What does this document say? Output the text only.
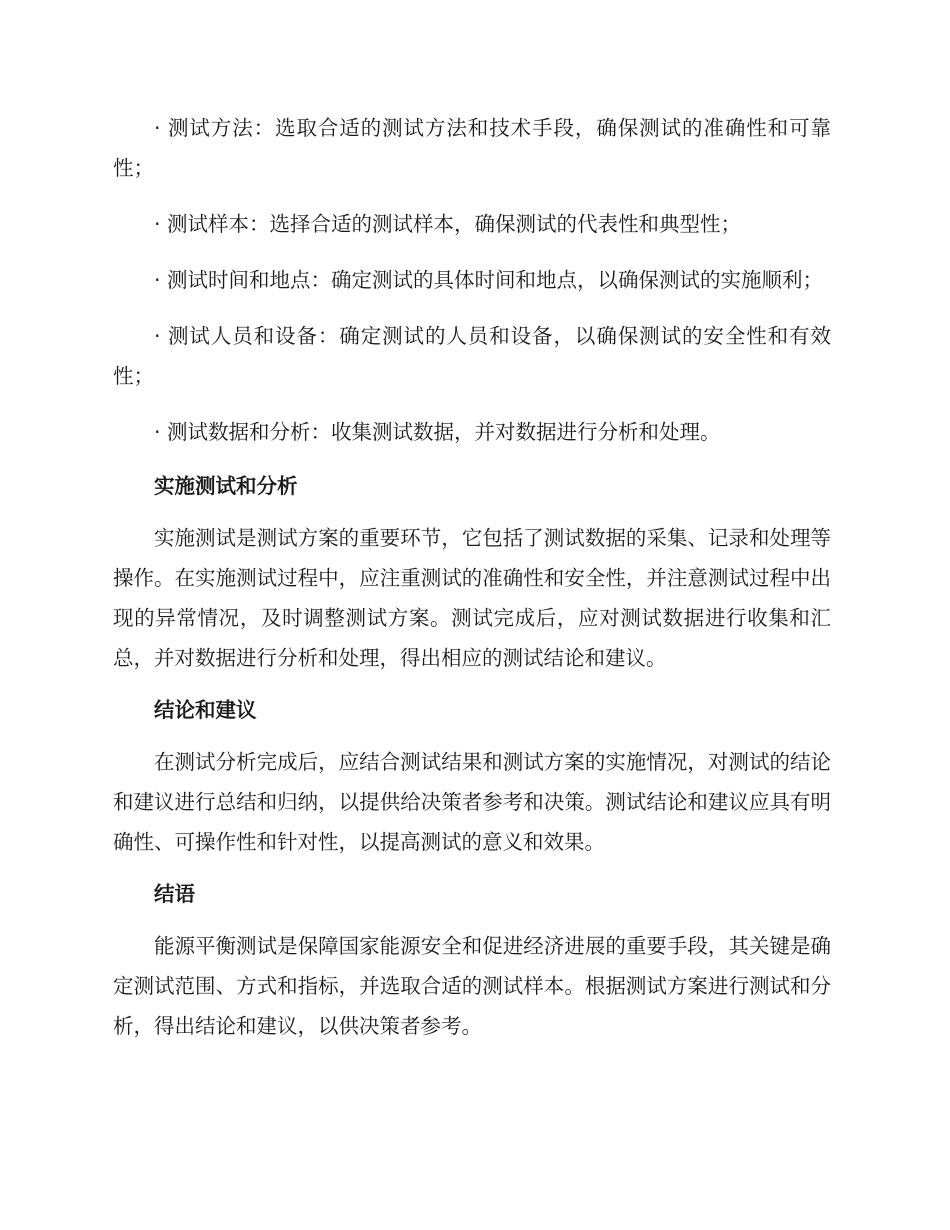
· 测试方法：选取合适的测试方法和技术手段，确保测试的准确性和可靠性；

· 测试样本：选择合适的测试样本，确保测试的代表性和典型性；

· 测试时间和地点：确定测试的具体时间和地点，以确保测试的实施顺利；

· 测试人员和设备：确定测试的人员和设备，以确保测试的安全性和有效性；

· 测试数据和分析：收集测试数据，并对数据进行分析和处理。

实施测试和分析

实施测试是测试方案的重要环节，它包括了测试数据的采集、记录和处理等操作。在实施测试过程中，应注重测试的准确性和安全性，并注意测试过程中出现的异常情况，及时调整测试方案。测试完成后，应对测试数据进行收集和汇总，并对数据进行分析和处理，得出相应的测试结论和建议。

结论和建议

在测试分析完成后，应结合测试结果和测试方案的实施情况，对测试的结论和建议进行总结和归纳，以提供给决策者参考和决策。测试结论和建议应具有明确性、可操作性和针对性，以提高测试的意义和效果。

结语

能源平衡测试是保障国家能源安全和促进经济进展的重要手段，其关键是确定测试范围、方式和指标，并选取合适的测试样本。根据测试方案进行测试和分析，得出结论和建议，以供决策者参考。
